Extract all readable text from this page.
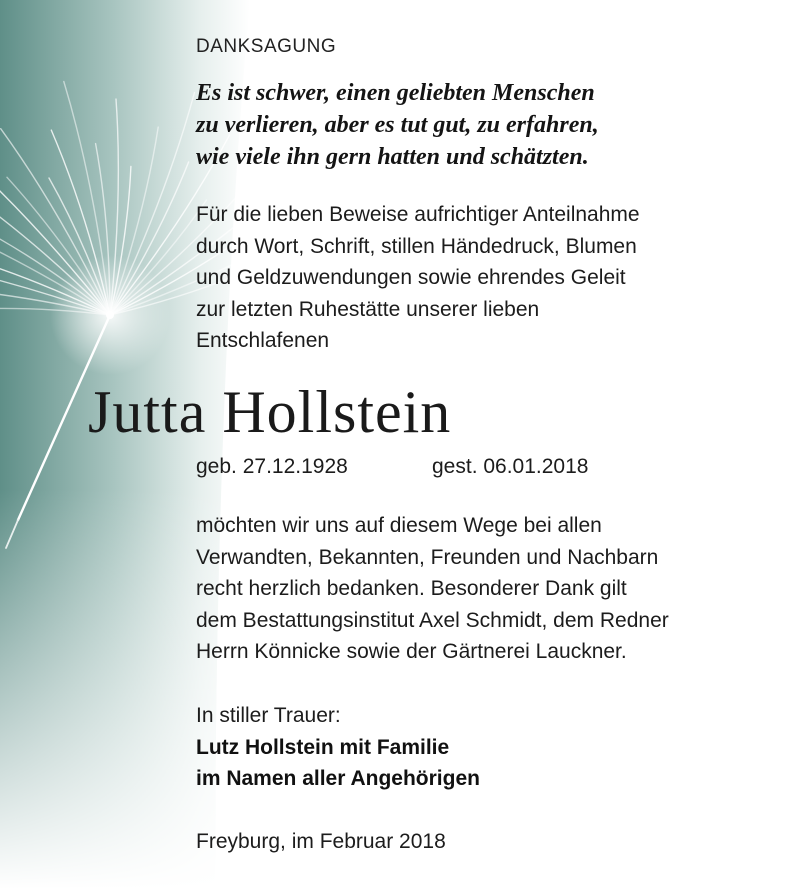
DANKSAGUNG
Es ist schwer, einen geliebten Menschen
zu verlieren, aber es tut gut, zu erfahren,
wie viele ihn gern hatten und schätzten.
Für die lieben Beweise aufrichtiger Anteilnahme
durch Wort, Schrift, stillen Händedruck, Blumen
und Geldzuwendungen sowie ehrendes Geleit
zur letzten Ruhestätte unserer lieben
Entschlafenen
Jutta Hollstein
geb. 27.12.1928	gest. 06.01.2018
möchten wir uns auf diesem Wege bei allen
Verwandten, Bekannten, Freunden und Nachbarn
recht herzlich bedanken. Besonderer Dank gilt
dem Bestattungsinstitut Axel Schmidt, dem Redner
Herrn Könnicke sowie der Gärtnerei Lauckner.
In stiller Trauer:
Lutz Hollstein mit Familie
im Namen aller Angehörigen
Freyburg, im Februar 2018
